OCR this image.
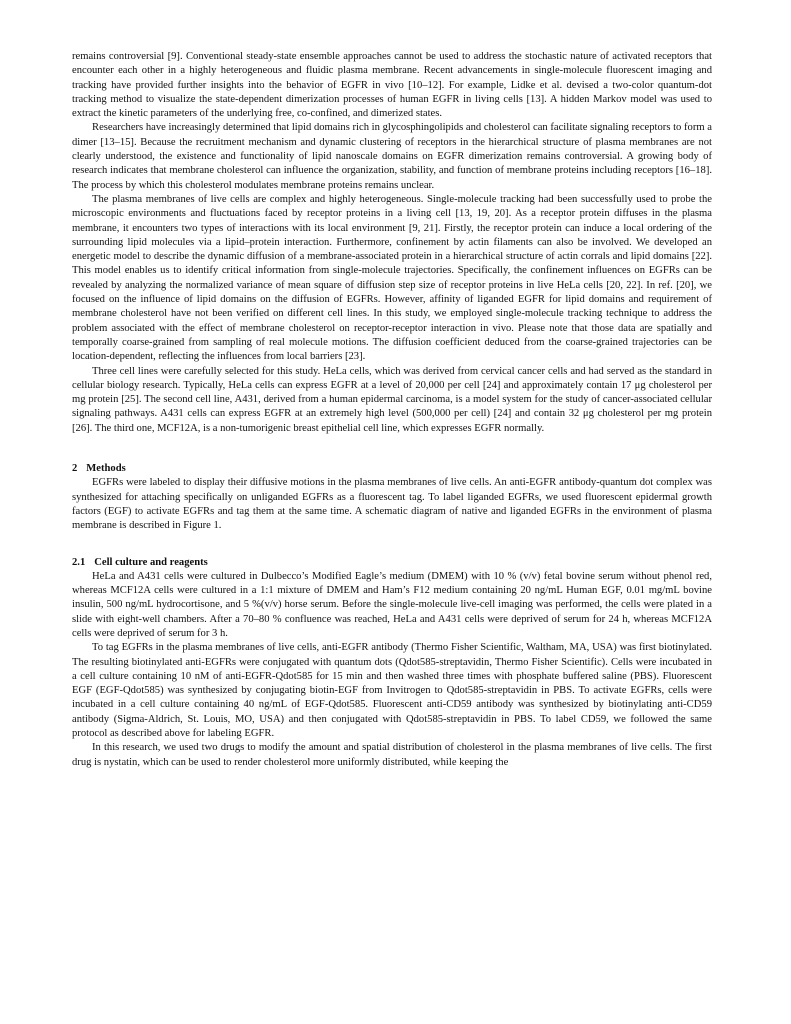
remains controversial [9]. Conventional steady-state ensemble approaches cannot be used to address the stochastic nature of activated receptors that encounter each other in a highly heterogeneous and fluidic plasma membrane. Recent advancements in single-molecule fluorescent imaging and tracking have provided further insights into the behavior of EGFR in vivo [10–12]. For example, Lidke et al. devised a two-color quantum-dot tracking method to visualize the state-dependent dimerization processes of human EGFR in living cells [13]. A hidden Markov model was used to extract the kinetic parameters of the underlying free, co-confined, and dimerized states.

Researchers have increasingly determined that lipid domains rich in glycosphingolipids and cholesterol can facilitate signaling receptors to form a dimer [13–15]. Because the recruitment mechanism and dynamic clustering of receptors in the hierarchical structure of plasma membranes are not clearly understood, the existence and functionality of lipid nanoscale domains on EGFR dimerization remains controversial. A growing body of research indicates that membrane cholesterol can influence the organization, stability, and function of membrane proteins including receptors [16–18]. The process by which this cholesterol modulates membrane proteins remains unclear.

The plasma membranes of live cells are complex and highly heterogeneous. Single-molecule tracking had been successfully used to probe the microscopic environments and fluctuations faced by receptor proteins in a living cell [13, 19, 20]. As a receptor protein diffuses in the plasma membrane, it encounters two types of interactions with its local environment [9, 21]. Firstly, the receptor protein can induce a local ordering of the surrounding lipid molecules via a lipid–protein interaction. Furthermore, confinement by actin filaments can also be involved. We developed an energetic model to describe the dynamic diffusion of a membrane-associated protein in a hierarchical structure of actin corrals and lipid domains [22]. This model enables us to identify critical information from single-molecule trajectories. Specifically, the confinement influences on EGFRs can be revealed by analyzing the normalized variance of mean square of diffusion step size of receptor proteins in live HeLa cells [20, 22]. In ref. [20], we focused on the influence of lipid domains on the diffusion of EGFRs. However, affinity of liganded EGFR for lipid domains and requirement of membrane cholesterol have not been verified on different cell lines. In this study, we employed single-molecule tracking technique to address the problem associated with the effect of membrane cholesterol on receptor-receptor interaction in vivo. Please note that those data are spatially and temporally coarse-grained from sampling of real molecule motions. The diffusion coefficient deduced from the coarse-grained trajectories can be location-dependent, reflecting the influences from local barriers [23].

Three cell lines were carefully selected for this study. HeLa cells, which was derived from cervical cancer cells and had served as the standard in cellular biology research. Typically, HeLa cells can express EGFR at a level of 20,000 per cell [24] and approximately contain 17 μg cholesterol per mg protein [25]. The second cell line, A431, derived from a human epidermal carcinoma, is a model system for the study of cancer-associated cellular signaling pathways. A431 cells can express EGFR at an extremely high level (500,000 per cell) [24] and contain 32 μg cholesterol per mg protein [26]. The third one, MCF12A, is a non-tumorigenic breast epithelial cell line, which expresses EGFR normally.

2 Methods

EGFRs were labeled to display their diffusive motions in the plasma membranes of live cells. An anti-EGFR antibody-quantum dot complex was synthesized for attaching specifically on unliganded EGFRs as a fluorescent tag. To label liganded EGFRs, we used fluorescent epidermal growth factors (EGF) to activate EGFRs and tag them at the same time. A schematic diagram of native and liganded EGFRs in the environment of plasma membrane is described in Figure 1.

2.1 Cell culture and reagents

HeLa and A431 cells were cultured in Dulbecco’s Modified Eagle’s medium (DMEM) with 10 % (v/v) fetal bovine serum without phenol red, whereas MCF12A cells were cultured in a 1:1 mixture of DMEM and Ham’s F12 medium containing 20 ng/mL Human EGF, 0.01 mg/mL bovine insulin, 500 ng/mL hydrocortisone, and 5 %(v/v) horse serum. Before the single-molecule live-cell imaging was performed, the cells were plated in a slide with eight-well chambers. After a 70–80 % confluence was reached, HeLa and A431 cells were deprived of serum for 24 h, whereas MCF12A cells were deprived of serum for 3 h.

To tag EGFRs in the plasma membranes of live cells, anti-EGFR antibody (Thermo Fisher Scientific, Waltham, MA, USA) was first biotinylated. The resulting biotinylated anti-EGFRs were conjugated with quantum dots (Qdot585-streptavidin, Thermo Fisher Scientific). Cells were incubated in a cell culture containing 10 nM of anti-EGFR-Qdot585 for 15 min and then washed three times with phosphate buffered saline (PBS). Fluorescent EGF (EGF-Qdot585) was synthesized by conjugating biotin-EGF from Invitrogen to Qdot585-streptavidin in PBS. To activate EGFRs, cells were incubated in a cell culture containing 40 ng/mL of EGF-Qdot585. Fluorescent anti-CD59 antibody was synthesized by biotinylating anti-CD59 antibody (Sigma-Aldrich, St. Louis, MO, USA) and then conjugated with Qdot585-streptavidin in PBS. To label CD59, we followed the same protocol as described above for labeling EGFR.

In this research, we used two drugs to modify the amount and spatial distribution of cholesterol in the plasma membranes of live cells. The first drug is nystatin, which can be used to render cholesterol more uniformly distributed, while keeping the
